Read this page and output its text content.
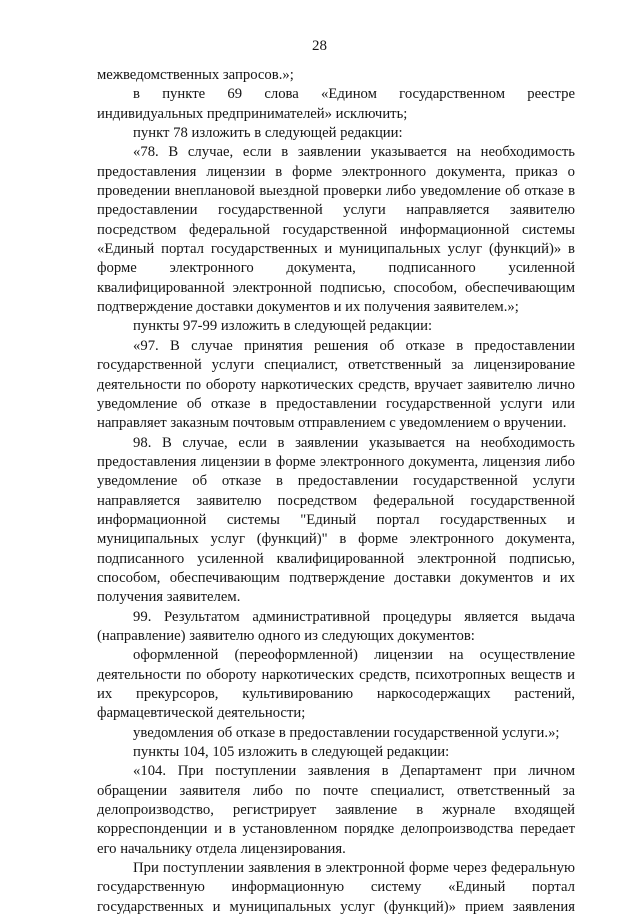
28
межведомственных запросов.»;
в пункте 69 слова «Едином государственном реестре
индивидуальных предпринимателей» исключить;
пункт 78 изложить в следующей редакции:
«78. В случае, если в заявлении указывается на необходимость
предоставления лицензии в форме электронного документа, приказ о
проведении внеплановой выездной проверки либо уведомление об отказе в
предоставлении государственной услуги направляется заявителю
посредством федеральной государственной информационной системы
«Единый портал государственных и муниципальных услуг (функций)» в
форме электронного документа, подписанного усиленной
квалифицированной электронной подписью, способом, обеспечивающим
подтверждение доставки документов и их получения заявителем.»;
пункты 97-99 изложить в следующей редакции:
«97. В случае принятия решения об отказе в предоставлении
государственной услуги специалист, ответственный за лицензирование
деятельности по обороту наркотических средств, вручает заявителю лично
уведомление об отказе в предоставлении государственной услуги или
направляет заказным почтовым отправлением с уведомлением о вручении.
98. В случае, если в заявлении указывается на необходимость
предоставления лицензии в форме электронного документа, лицензия либо
уведомление об отказе в предоставлении государственной услуги
направляется заявителю посредством федеральной государственной
информационной системы "Единый портал государственных и
муниципальных услуг (функций)" в форме электронного документа,
подписанного усиленной квалифицированной электронной подписью,
способом, обеспечивающим подтверждение доставки документов и их
получения заявителем.
99. Результатом административной процедуры является выдача
(направление) заявителю одного из следующих документов:
оформленной (переоформленной) лицензии на осуществление
деятельности по обороту наркотических средств, психотропных веществ и
их прекурсоров, культивированию наркосодержащих растений,
фармацевтической деятельности;
уведомления об отказе в предоставлении государственной услуги.»;
пункты 104, 105 изложить в следующей редакции:
«104. При поступлении заявления в Департамент при личном
обращении заявителя либо по почте специалист, ответственный за
делопроизводство, регистрирует заявление в журнале входящей
корреспонденции и в установленном порядке делопроизводства передает
его начальнику отдела лицензирования.
При поступлении заявления в электронной форме через федеральную
государственную информационную систему «Единый портал
государственных и муниципальных услуг (функций)» прием заявления
